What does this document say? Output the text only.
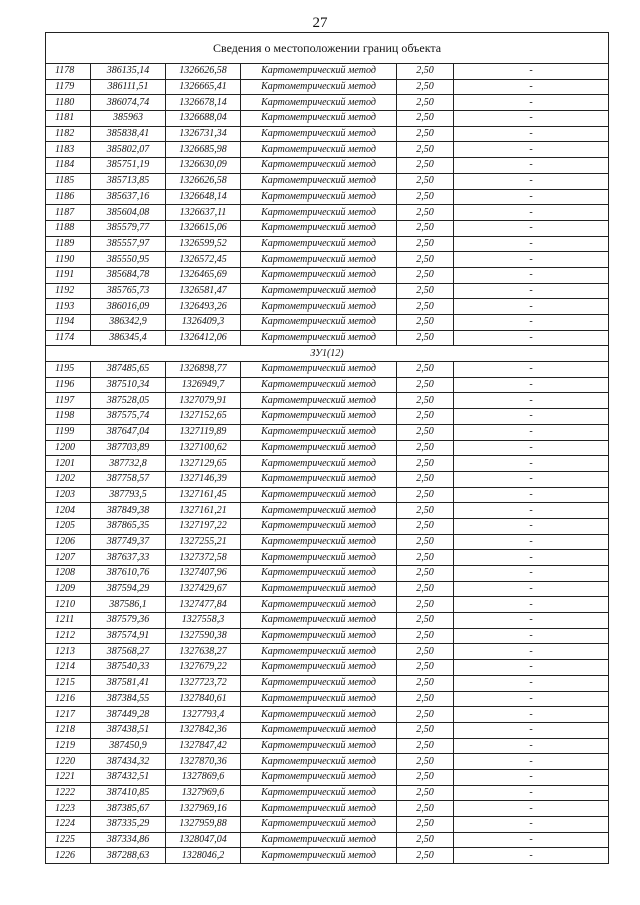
27
Сведения о местоположении границ объекта					
1178	386135,14	1326626,58	Картометрический метод	2,50	-
1179	386111,51	1326665,41	Картометрический метод	2,50	-
1180	386074,74	1326678,14	Картометрический метод	2,50	-
1181	385963	1326688,04	Картометрический метод	2,50	-
1182	385838,41	1326731,34	Картометрический метод	2,50	-
1183	385802,07	1326685,98	Картометрический метод	2,50	-
1184	385751,19	1326630,09	Картометрический метод	2,50	-
1185	385713,85	1326626,58	Картометрический метод	2,50	-
1186	385637,16	1326648,14	Картометрический метод	2,50	-
1187	385604,08	1326637,11	Картометрический метод	2,50	-
1188	385579,77	1326615,06	Картометрический метод	2,50	-
1189	385557,97	1326599,52	Картометрический метод	2,50	-
1190	385550,95	1326572,45	Картометрический метод	2,50	-
1191	385684,78	1326465,69	Картометрический метод	2,50	-
1192	385765,73	1326581,47	Картометрический метод	2,50	-
1193	386016,09	1326493,26	Картометрический метод	2,50	-
1194	386342,9	1326409,3	Картометрический метод	2,50	-
1174	386345,4	1326412,06	Картометрический метод	2,50	-
ЗУ1(12)					
1195	387485,65	1326898,77	Картометрический метод	2,50	-
1196	387510,34	1326949,7	Картометрический метод	2,50	-
1197	387528,05	1327079,91	Картометрический метод	2,50	-
1198	387575,74	1327152,65	Картометрический метод	2,50	-
1199	387647,04	1327119,89	Картометрический метод	2,50	-
1200	387703,89	1327100,62	Картометрический метод	2,50	-
1201	387732,8	1327129,65	Картометрический метод	2,50	-
1202	387758,57	1327146,39	Картометрический метод	2,50	-
1203	387793,5	1327161,45	Картометрический метод	2,50	-
1204	387849,38	1327161,21	Картометрический метод	2,50	-
1205	387865,35	1327197,22	Картометрический метод	2,50	-
1206	387749,37	1327255,21	Картометрический метод	2,50	-
1207	387637,33	1327372,58	Картометрический метод	2,50	-
1208	387610,76	1327407,96	Картометрический метод	2,50	-
1209	387594,29	1327429,67	Картометрический метод	2,50	-
1210	387586,1	1327477,84	Картометрический метод	2,50	-
1211	387579,36	1327558,3	Картометрический метод	2,50	-
1212	387574,91	1327590,38	Картометрический метод	2,50	-
1213	387568,27	1327638,27	Картометрический метод	2,50	-
1214	387540,33	1327679,22	Картометрический метод	2,50	-
1215	387581,41	1327723,72	Картометрический метод	2,50	-
1216	387384,55	1327840,61	Картометрический метод	2,50	-
1217	387449,28	1327793,4	Картометрический метод	2,50	-
1218	387438,51	1327842,36	Картометрический метод	2,50	-
1219	387450,9	1327847,42	Картометрический метод	2,50	-
1220	387434,32	1327870,36	Картометрический метод	2,50	-
1221	387432,51	1327869,6	Картометрический метод	2,50	-
1222	387410,85	1327969,6	Картометрический метод	2,50	-
1223	387385,67	1327969,16	Картометрический метод	2,50	-
1224	387335,29	1327959,88	Картометрический метод	2,50	-
1225	387334,86	1328047,04	Картометрический метод	2,50	-
1226	387288,63	1328046,2	Картометрический метод	2,50	-
